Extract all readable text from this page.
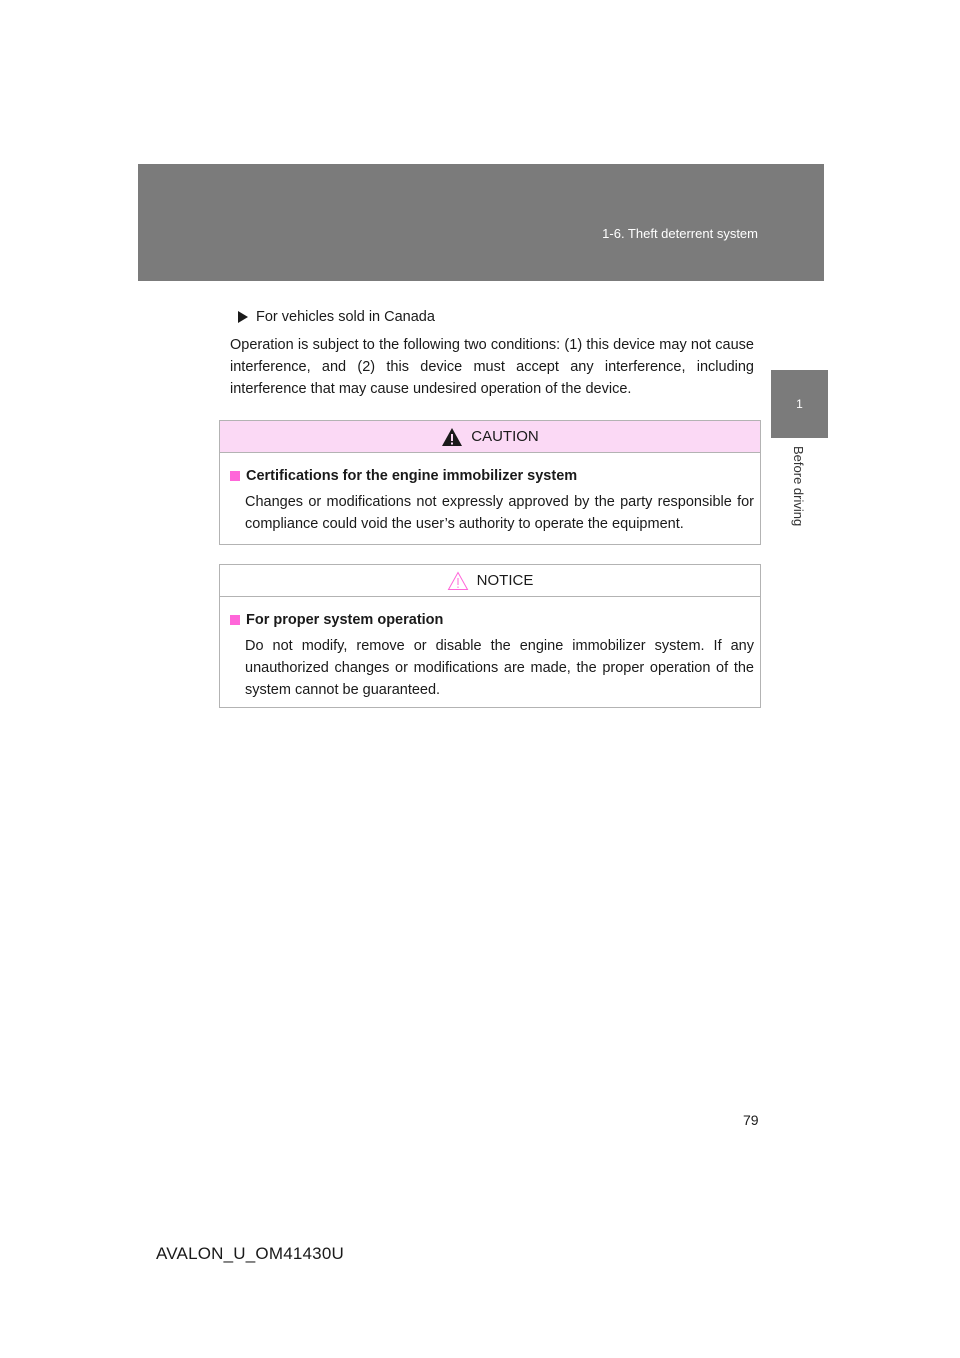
1-6. Theft deterrent system
1
Before driving
For vehicles sold in Canada
Operation is subject to the following two conditions: (1) this device may not cause interference, and (2) this device must accept any interference, including interference that may cause undesired operation of the device.
CAUTION
Certifications for the engine immobilizer system
Changes or modifications not expressly approved by the party responsible for compliance could void the user’s authority to operate the equipment.
NOTICE
For proper system operation
Do not modify, remove or disable the engine immobilizer system. If any unauthorized changes or modifications are made, the proper operation of the system cannot be guaranteed.
79
AVALON_U_OM41430U
